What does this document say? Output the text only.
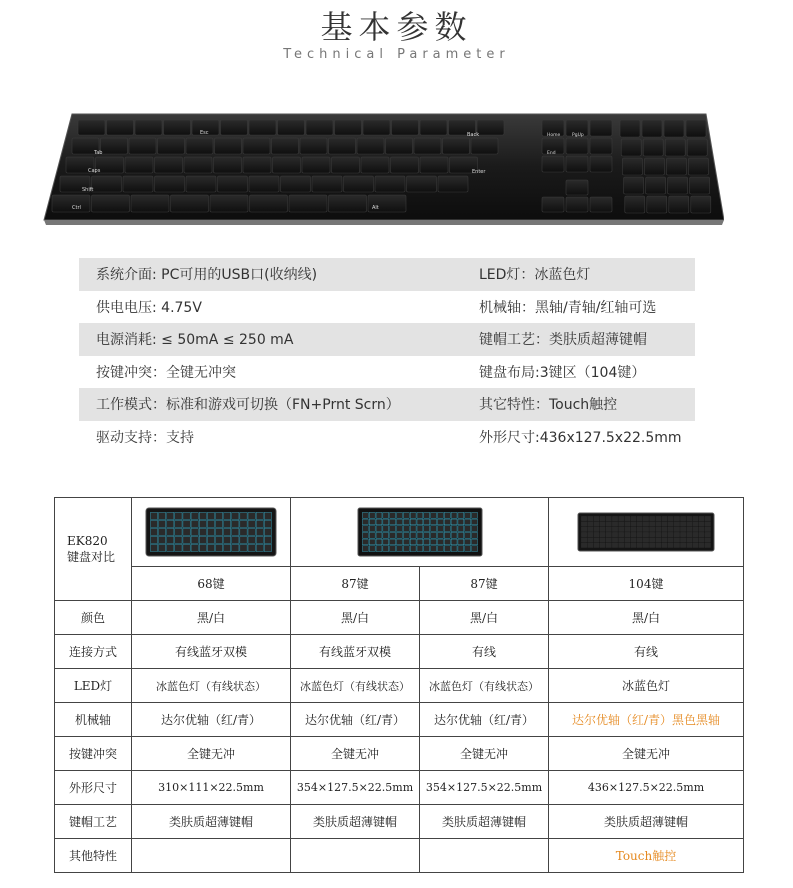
基本参数
Technical Parameter
Esc
Tab
Caps
Shift
Ctrl	Alt
Back
Enter
Home	PgUp
End
系统介面: PC可用的USB口(收纳线)	LED灯：冰蓝色灯
供电电压: 4.75V	机械轴：黑轴/青轴/红轴可选
电源消耗: ≤ 50mA ≤ 250 mA	键帽工艺：类肤质超薄键帽
按键冲突：全键无冲突	键盘布局:3键区（104键）
工作模式：标准和游戏可切换（FN+Prnt Scrn）	其它特性：Touch触控
驱动支持：支持	外形尺寸:436x127.5x22.5mm
EK820
键盘对比

	68键	87键	87键	104键
颜色	黑/白	黑/白	黑/白	黑/白
连接方式	有线蓝牙双模	有线蓝牙双模	有线	有线
LED灯	冰蓝色灯（有线状态）	冰蓝色灯（有线状态）	冰蓝色灯（有线状态）	冰蓝色灯
机械轴	达尔优轴（红/青）	达尔优轴（红/青）	达尔优轴（红/青）	达尔优轴（红/青）黑色黑轴
按键冲突	全键无冲	全键无冲	全键无冲	全键无冲
外形尺寸	310×111×22.5mm	354×127.5×22.5mm	354×127.5×22.5mm	436×127.5×22.5mm
键帽工艺	类肤质超薄键帽	类肤质超薄键帽	类肤质超薄键帽	类肤质超薄键帽
其他特性				Touch触控
